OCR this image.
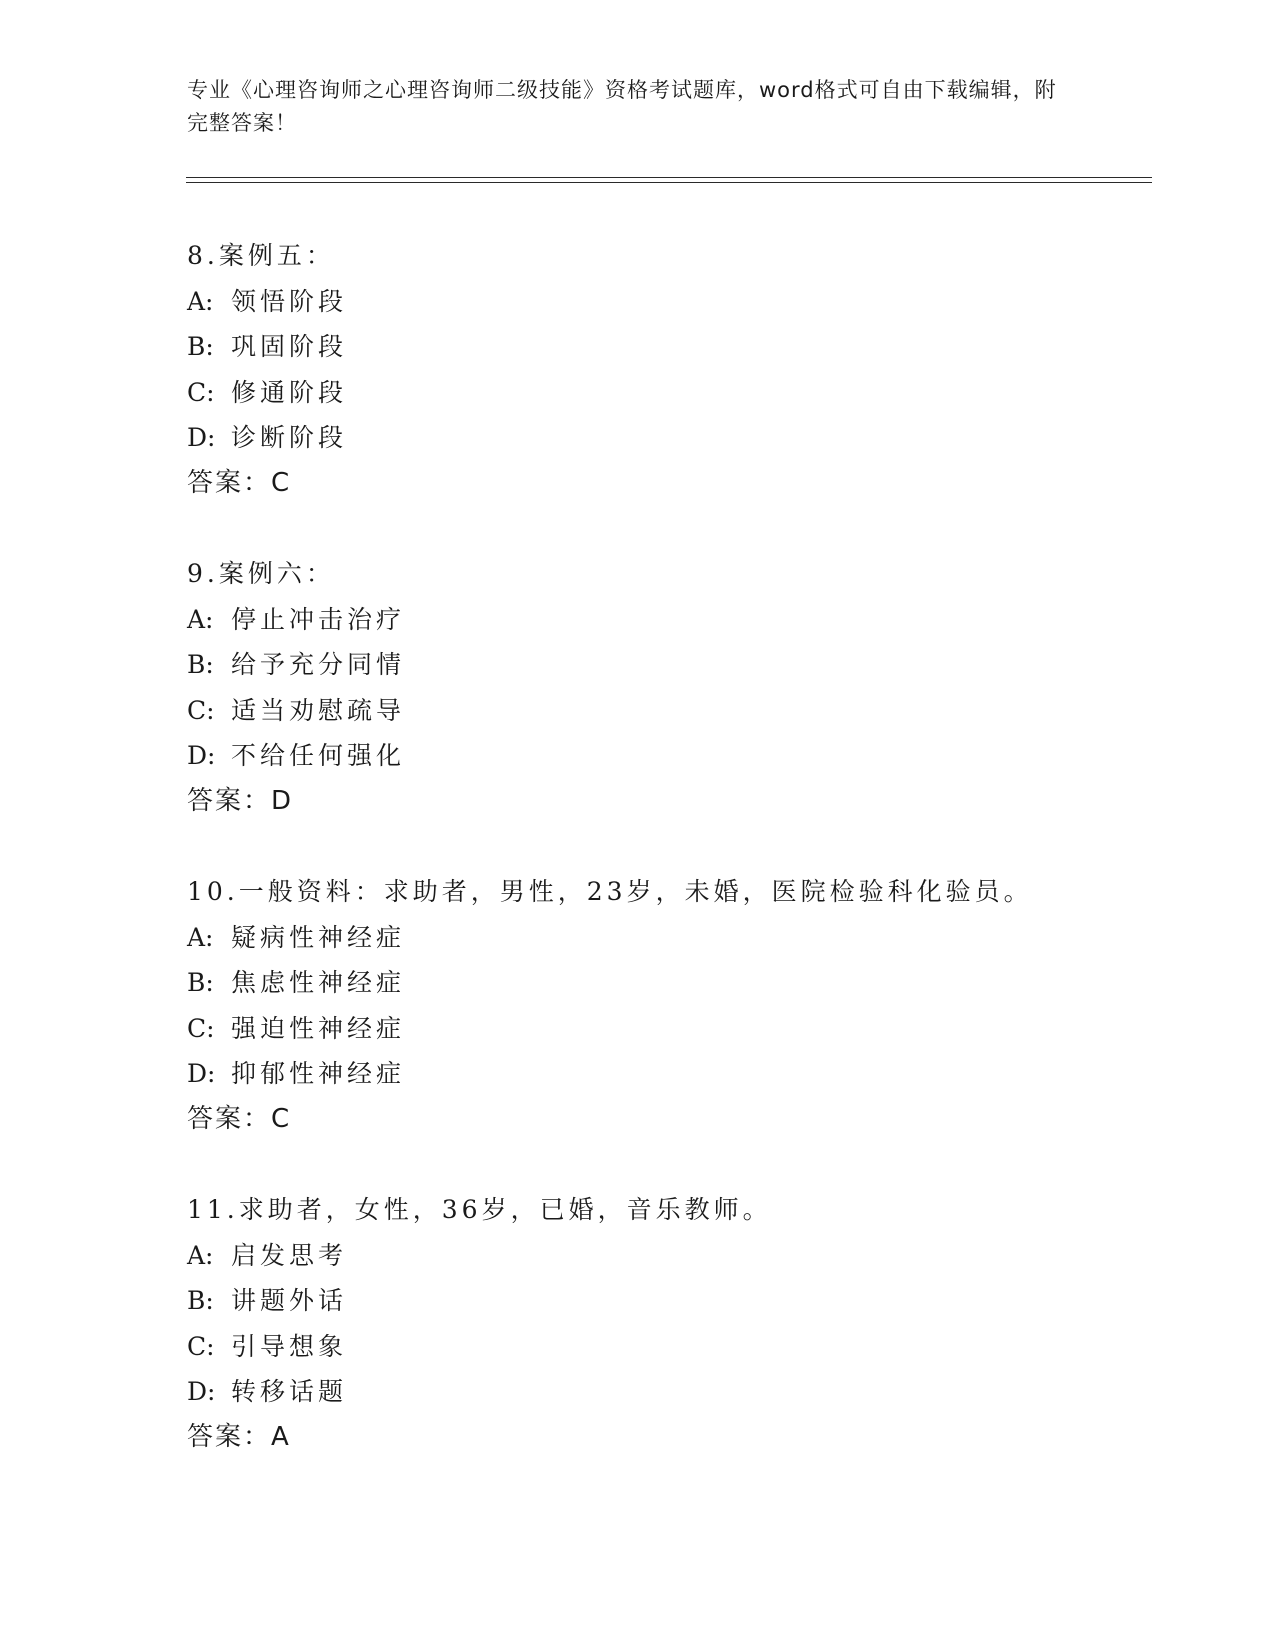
专业《心理咨询师之心理咨询师二级技能》资格考试题库，word格式可自由下载编辑，附完整答案！
8.案例五：
A: 领悟阶段
B: 巩固阶段
C: 修通阶段
D: 诊断阶段
答案：C
9.案例六：
A: 停止冲击治疗
B: 给予充分同情
C: 适当劝慰疏导
D: 不给任何强化
答案：D
10.一般资料：求助者，男性，23岁，未婚，医院检验科化验员。
A: 疑病性神经症
B: 焦虑性神经症
C: 强迫性神经症
D: 抑郁性神经症
答案：C
11.求助者，女性，36岁，已婚，音乐教师。
A: 启发思考
B: 讲题外话
C: 引导想象
D: 转移话题
答案：A
